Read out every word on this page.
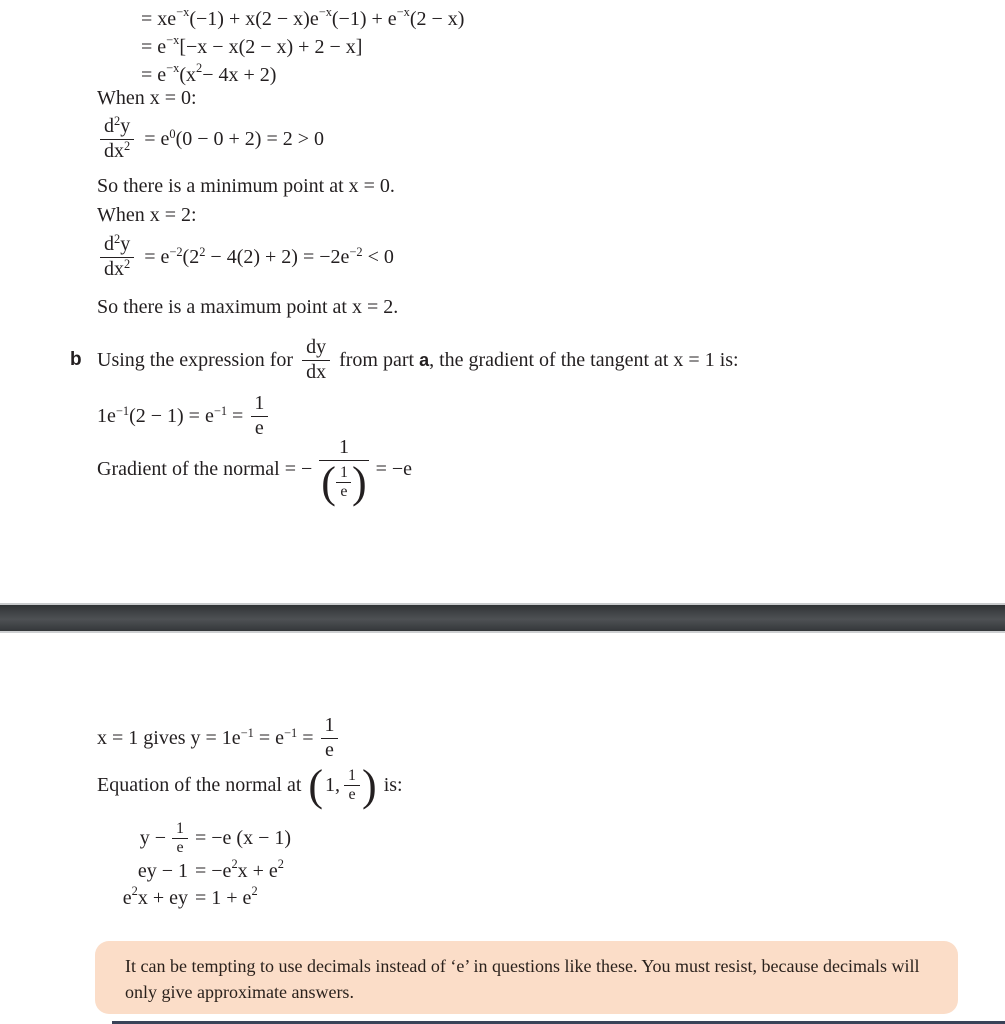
= $xe^{-x}$ $(-1) + x(2 - x)e^{-x}$ $(-1) + e^{-x}$ (2 − x)
= $e^{-x}$ [−x − x(2 − x) + 2 − x]
= $e^{-x}$ $(x^2 - 4x + 2)$
When x = 0:
$\frac{d^2y}{dx^2} = e^0(0 - 0 + 2) = 2 > 0$
So there is a minimum point at x = 0.
When x = 2:
$\frac{d^2y}{dx^2} = e^{-2}(2^2 - 4(2) + 2) = -2e^{-2} < 0$
So there is a maximum point at x = 2.
b Using the expression for $\frac{dy}{dx}$ from part a, the gradient of the tangent at x = 1 is:
$1e^{-1}(2 - 1) = e^{-1} = \frac{1}{e}$
Gradient of the normal = − $\frac{1}{( \frac{1}{e} )} = -e$
x = 1 gives $y = 1e^{-1} = e^{-1} = \frac{1}{e}$
Equation of the normal at ( 1, $\frac{1}{e}$ ) is:
$y - \frac{1}{e} = -e$ (x − 1)
ey − $1 = -e^2$ $x + e^2$
$e^2$ x + ey = $1 + e^2$
It can be tempting to use decimals instead of ‘e’ in questions like these. You must resist, because decimals will only give approximate answers.
